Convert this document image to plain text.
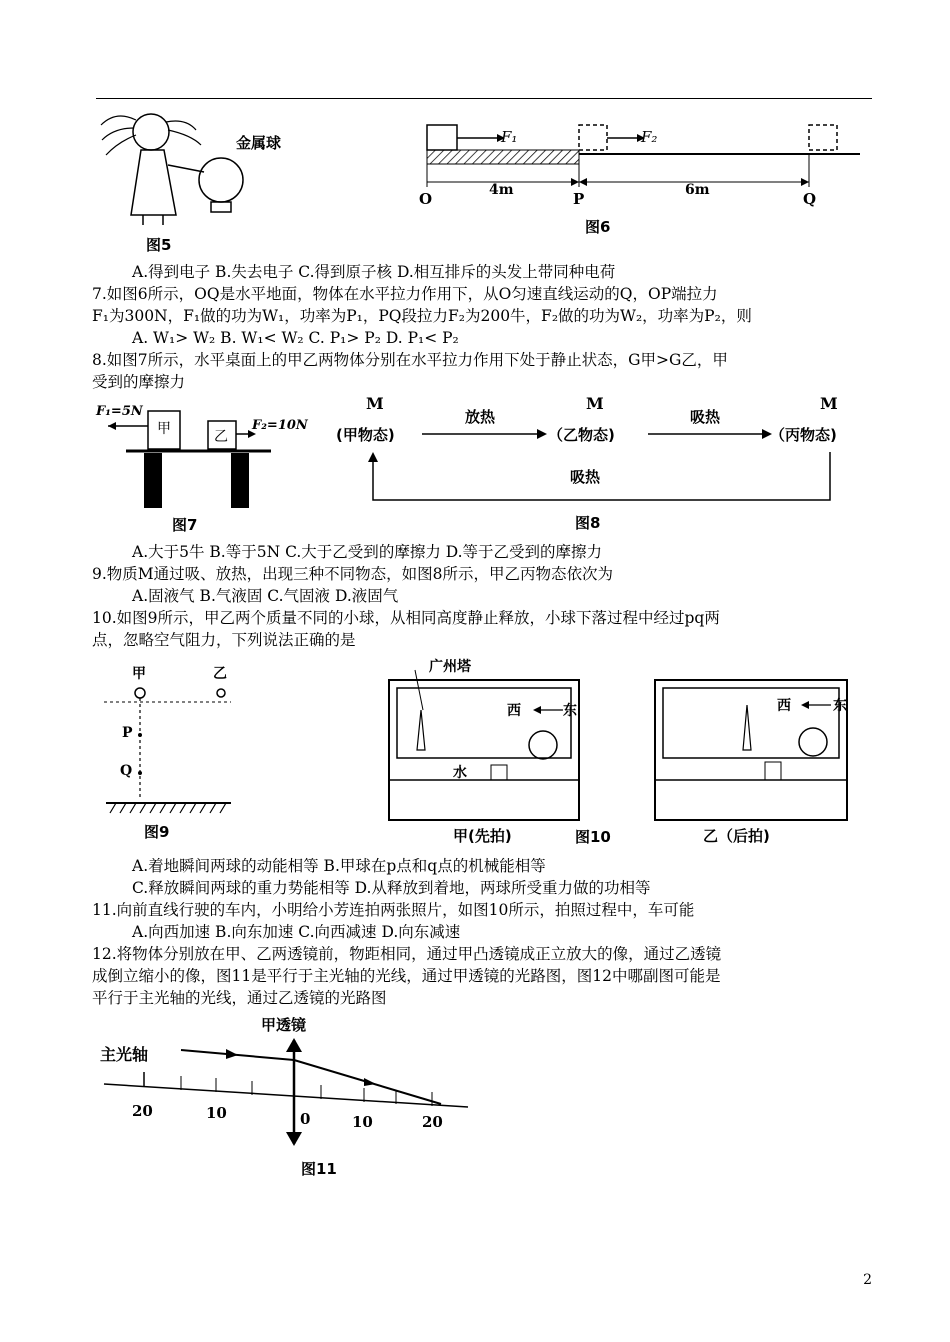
金属球
图5
F₁	F₂
O	P	Q
4m	6m
图6
A.得到电子 B.失去电子 C.得到原子核 D.相互排斥的头发上带同种电荷
7.如图6所示，OQ是水平地面，物体在水平拉力作用下，从O匀速直线运动的Q，OP端拉力
F₁为300N，F₁做的功为W₁，功率为P₁，PQ段拉力F₂为200牛，F₂做的功为W₂，功率为P₂，则
A. W₁> W₂ B. W₁< W₂ C. P₁> P₂ D. P₁< P₂
8.如图7所示，水平桌面上的甲乙两物体分别在水平拉力作用下处于静止状态，G甲>G乙，甲
受到的摩擦力
F₁=5N
F₂=10N
甲	乙
图7
M	M	M
(甲物态)	（乙物态)	（丙物态)
放热	吸热
吸热
图8
A.大于5牛 B.等于5N C.大于乙受到的摩擦力 D.等于乙受到的摩擦力
9.物质M通过吸、放热，出现三种不同物态，如图8所示，甲乙丙物态依次为
A.固液气 B.气液固 C.气固液 D.液固气
10.如图9所示，甲乙两个质量不同的小球，从相同高度静止释放，小球下落过程中经过pq两
点，忽略空气阻力，下列说法正确的是
甲	乙
P
Q
图9
广州塔
西	东
水
西	东
甲(先拍)	图10	乙（后拍)
A.着地瞬间两球的动能相等 B.甲球在p点和q点的机械能相等
C.释放瞬间两球的重力势能相等 D.从释放到着地，两球所受重力做的功相等
11.向前直线行驶的车内，小明给小芳连拍两张照片，如图10所示，拍照过程中，车可能
A.向西加速 B.向东加速 C.向西减速 D.向东减速
12.将物体分别放在甲、乙两透镜前，物距相同，通过甲凸透镜成正立放大的像，通过乙透镜
成倒立缩小的像，图11是平行于主光轴的光线，通过甲透镜的光路图，图12中哪副图可能是
平行于主光轴的光线，通过乙透镜的光路图
甲透镜
主光轴
20	10	0	10	20
图11
2
